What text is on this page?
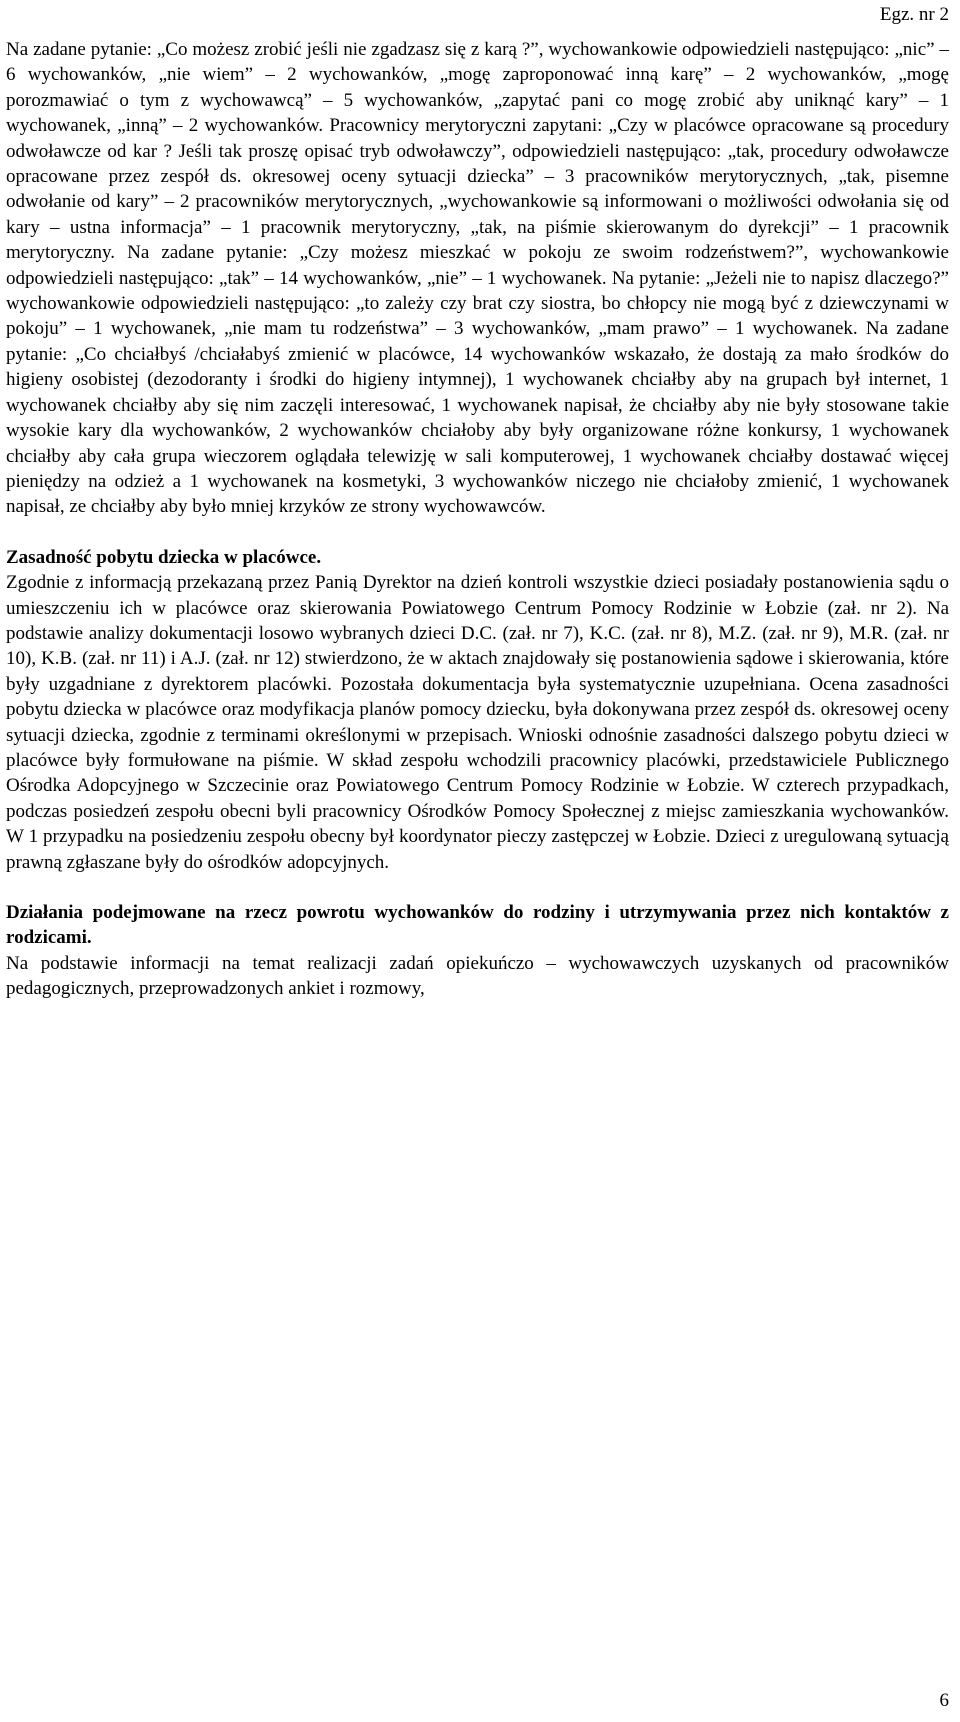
Egz. nr 2

Na zadane pytanie: „Co możesz zrobić jeśli nie zgadzasz się z karą ?”, wychowankowie odpowiedzieli następująco: „nic” – 6 wychowanków, „nie wiem” – 2 wychowanków, „mogę zaproponować inną karę” – 2 wychowanków, „mogę porozmawiać o tym z wychowawcą” – 5 wychowanków, „zapytać pani co mogę zrobić aby uniknąć kary” – 1 wychowanek, „inną” – 2 wychowanków. Pracownicy merytoryczni zapytani: „Czy w placówce opracowane są procedury odwoławcze od kar ? Jeśli tak proszę opisać tryb odwoławczy”, odpowiedzieli następująco: „tak, procedury odwoławcze opracowane przez zespół ds. okresowej oceny sytuacji dziecka” – 3 pracowników merytorycznych, „tak, pisemne odwołanie od kary” – 2 pracowników merytorycznych, „wychowankowie są informowani o możliwości odwołania się od kary – ustna informacja” – 1 pracownik merytoryczny, „tak, na piśmie skierowanym do dyrekcji” – 1 pracownik merytoryczny. Na zadane pytanie: „Czy możesz mieszkać w pokoju ze swoim rodzeństwem?”, wychowankowie odpowiedzieli następująco: „tak” – 14 wychowanków, „nie” – 1 wychowanek. Na pytanie: „Jeżeli nie to napisz dlaczego?” wychowankowie odpowiedzieli następująco: „to zależy czy brat czy siostra, bo chłopcy nie mogą być z dziewczynami w pokoju” – 1 wychowanek, „nie mam tu rodzeństwa” – 3 wychowanków, „mam prawo” – 1 wychowanek. Na zadane pytanie: „Co chciałbyś /chciałabyś zmienić w placówce, 14 wychowanków wskazało, że dostają za mało środków do higieny osobistej (dezodoranty i środki do higieny intymnej), 1 wychowanek chciałby aby na grupach był internet, 1 wychowanek chciałby aby się nim zaczęli interesować, 1 wychowanek napisał, że chciałby aby nie były stosowane takie wysokie kary dla wychowanków, 2 wychowanków chciałoby aby były organizowane różne konkursy, 1 wychowanek chciałby aby cała grupa wieczorem oglądała telewizję w sali komputerowej, 1 wychowanek chciałby dostawać więcej pieniędzy na odzież a 1 wychowanek na kosmetyki, 3 wychowanków niczego nie chciałoby zmienić, 1 wychowanek napisał, ze chciałby aby było mniej krzyków ze strony wychowawców.

Zasadność pobytu dziecka w placówce.

Zgodnie z informacją przekazaną przez Panią Dyrektor na dzień kontroli wszystkie dzieci posiadały postanowienia sądu o umieszczeniu ich w placówce oraz skierowania Powiatowego Centrum Pomocy Rodzinie w Łobzie (zał. nr 2). Na podstawie analizy dokumentacji losowo wybranych dzieci D.C. (zał. nr 7), K.C. (zał. nr 8), M.Z. (zał. nr 9), M.R. (zał. nr 10), K.B. (zał. nr 11) i A.J. (zał. nr 12) stwierdzono, że w aktach znajdowały się postanowienia sądowe i skierowania, które były uzgadniane z dyrektorem placówki. Pozostała dokumentacja była systematycznie uzupełniana. Ocena zasadności pobytu dziecka w placówce oraz modyfikacja planów pomocy dziecku, była dokonywana przez zespół ds. okresowej oceny sytuacji dziecka, zgodnie z terminami określonymi w przepisach. Wnioski odnośnie zasadności dalszego pobytu dzieci w placówce były formułowane na piśmie. W skład zespołu wchodzili pracownicy placówki, przedstawiciele Publicznego Ośrodka Adopcyjnego w Szczecinie oraz Powiatowego Centrum Pomocy Rodzinie w Łobzie. W czterech przypadkach, podczas posiedzeń zespołu obecni byli pracownicy Ośrodków Pomocy Społecznej z miejsc zamieszkania wychowanków. W 1 przypadku na posiedzeniu zespołu obecny był koordynator pieczy zastępczej w Łobzie. Dzieci z uregulowaną sytuacją prawną zgłaszane były do ośrodków adopcyjnych.

Działania podejmowane na rzecz powrotu wychowanków do rodziny i utrzymywania przez nich kontaktów z rodzicami.

Na podstawie informacji na temat realizacji zadań opiekuńczo – wychowawczych uzyskanych od pracowników pedagogicznych, przeprowadzonych ankiet i rozmowy,

6
